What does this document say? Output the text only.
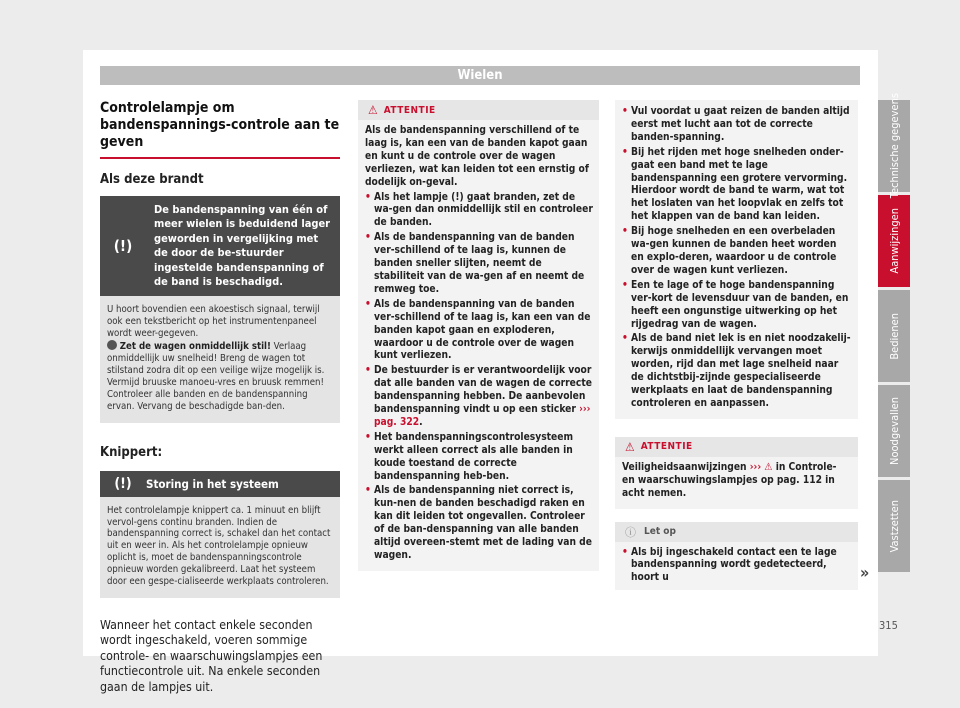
Wielen
Controlelampje om bandenspannings-controle aan te geven
Als deze brandt
(!)
De bandenspanning van één of meer wielen is beduidend lager geworden in vergelijking met de door de be-stuurder ingestelde bandenspanning of de band is beschadigd.
U hoort bovendien een akoestisch signaal, terwijl ook een tekstbericht op het instrumentenpaneel wordt weer-gegeven.
Zet de wagen onmiddellijk stil! Verlaag onmiddellijk uw snelheid! Breng de wagen tot stilstand zodra dit op een veilige wijze mogelijk is. Vermijd bruuske manoeu-vres en bruusk remmen! Controleer alle banden en de bandenspanning ervan. Vervang de beschadigde ban-den.
Knippert:
(!)	Storing in het systeem
Het controlelampje knippert ca. 1 minuut en blijft vervol-gens continu branden. Indien de bandenspanning correct is, schakel dan het contact uit en weer in. Als het controlelampje opnieuw oplicht is, moet de bandenspanningscontrole opnieuw worden gekalibreerd. Laat het systeem door een gespe-cialiseerde werkplaats controleren.
Wanneer het contact enkele seconden wordt ingeschakeld, voeren sommige controle- en waarschuwingslampjes een functiecontrole uit. Na enkele seconden gaan de lampjes uit.
⚠ ATTENTIE
Als de bandenspanning verschillend of te laag is, kan een van de banden kapot gaan en kunt u de controle over de wagen verliezen, wat kan leiden tot een ernstig of dodelijk on-geval.
• Als het lampje (!) gaat branden, zet de wa-gen dan onmiddellijk stil en controleer de banden.
• Als de bandenspanning van de banden ver-schillend of te laag is, kunnen de banden sneller slijten, neemt de stabiliteit van de wa-gen af en neemt de remweg toe.
• Als de bandenspanning van de banden ver-schillend of te laag is, kan een van de banden kapot gaan en exploderen, waardoor u de controle over de wagen kunt verliezen.
• De bestuurder is er verantwoordelijk voor dat alle banden van de wagen de correcte bandenspanning hebben. De aanbevolen bandenspanning vindt u op een sticker ››› pag. 322.
• Het bandenspanningscontrolesysteem werkt alleen correct als alle banden in koude toestand de correcte bandenspanning heb-ben.
• Als de bandenspanning niet correct is, kun-nen de banden beschadigd raken en kan dit leiden tot ongevallen. Controleer of de ban-denspanning van alle banden altijd overeen-stemt met de lading van de wagen.
• Vul voordat u gaat reizen de banden altijd eerst met lucht aan tot de correcte banden-spanning.
• Bij het rijden met hoge snelheden onder-gaat een band met te lage bandenspanning een grotere vervorming. Hierdoor wordt de band te warm, wat tot het loslaten van het loopvlak en zelfs tot het klappen van de band kan leiden.
• Bij hoge snelheden en een overbeladen wa-gen kunnen de banden heet worden en explo-deren, waardoor u de controle over de wagen kunt verliezen.
• Een te lage of te hoge bandenspanning ver-kort de levensduur van de banden, en heeft een ongunstige uitwerking op het rijgedrag van de wagen.
• Als de band niet lek is en niet noodzakelij-kerwijs onmiddellijk vervangen moet worden, rijd dan met lage snelheid naar de dichtstbij-zijnde gespecialiseerde werkplaats en laat de bandenspanning controleren en aanpassen.
⚠ ATTENTIE
Veiligheidsaanwijzingen ››› ⚠ in Controle- en waarschuwingslampjes op pag. 112 in acht nemen.
ⓘ Let op
• Als bij ingeschakeld contact een te lage bandenspanning wordt gedetecteerd, hoort u	»
Technische gegevens
Aanwijzingen
Bedienen
Noodgevallen
Vastzetten
315
